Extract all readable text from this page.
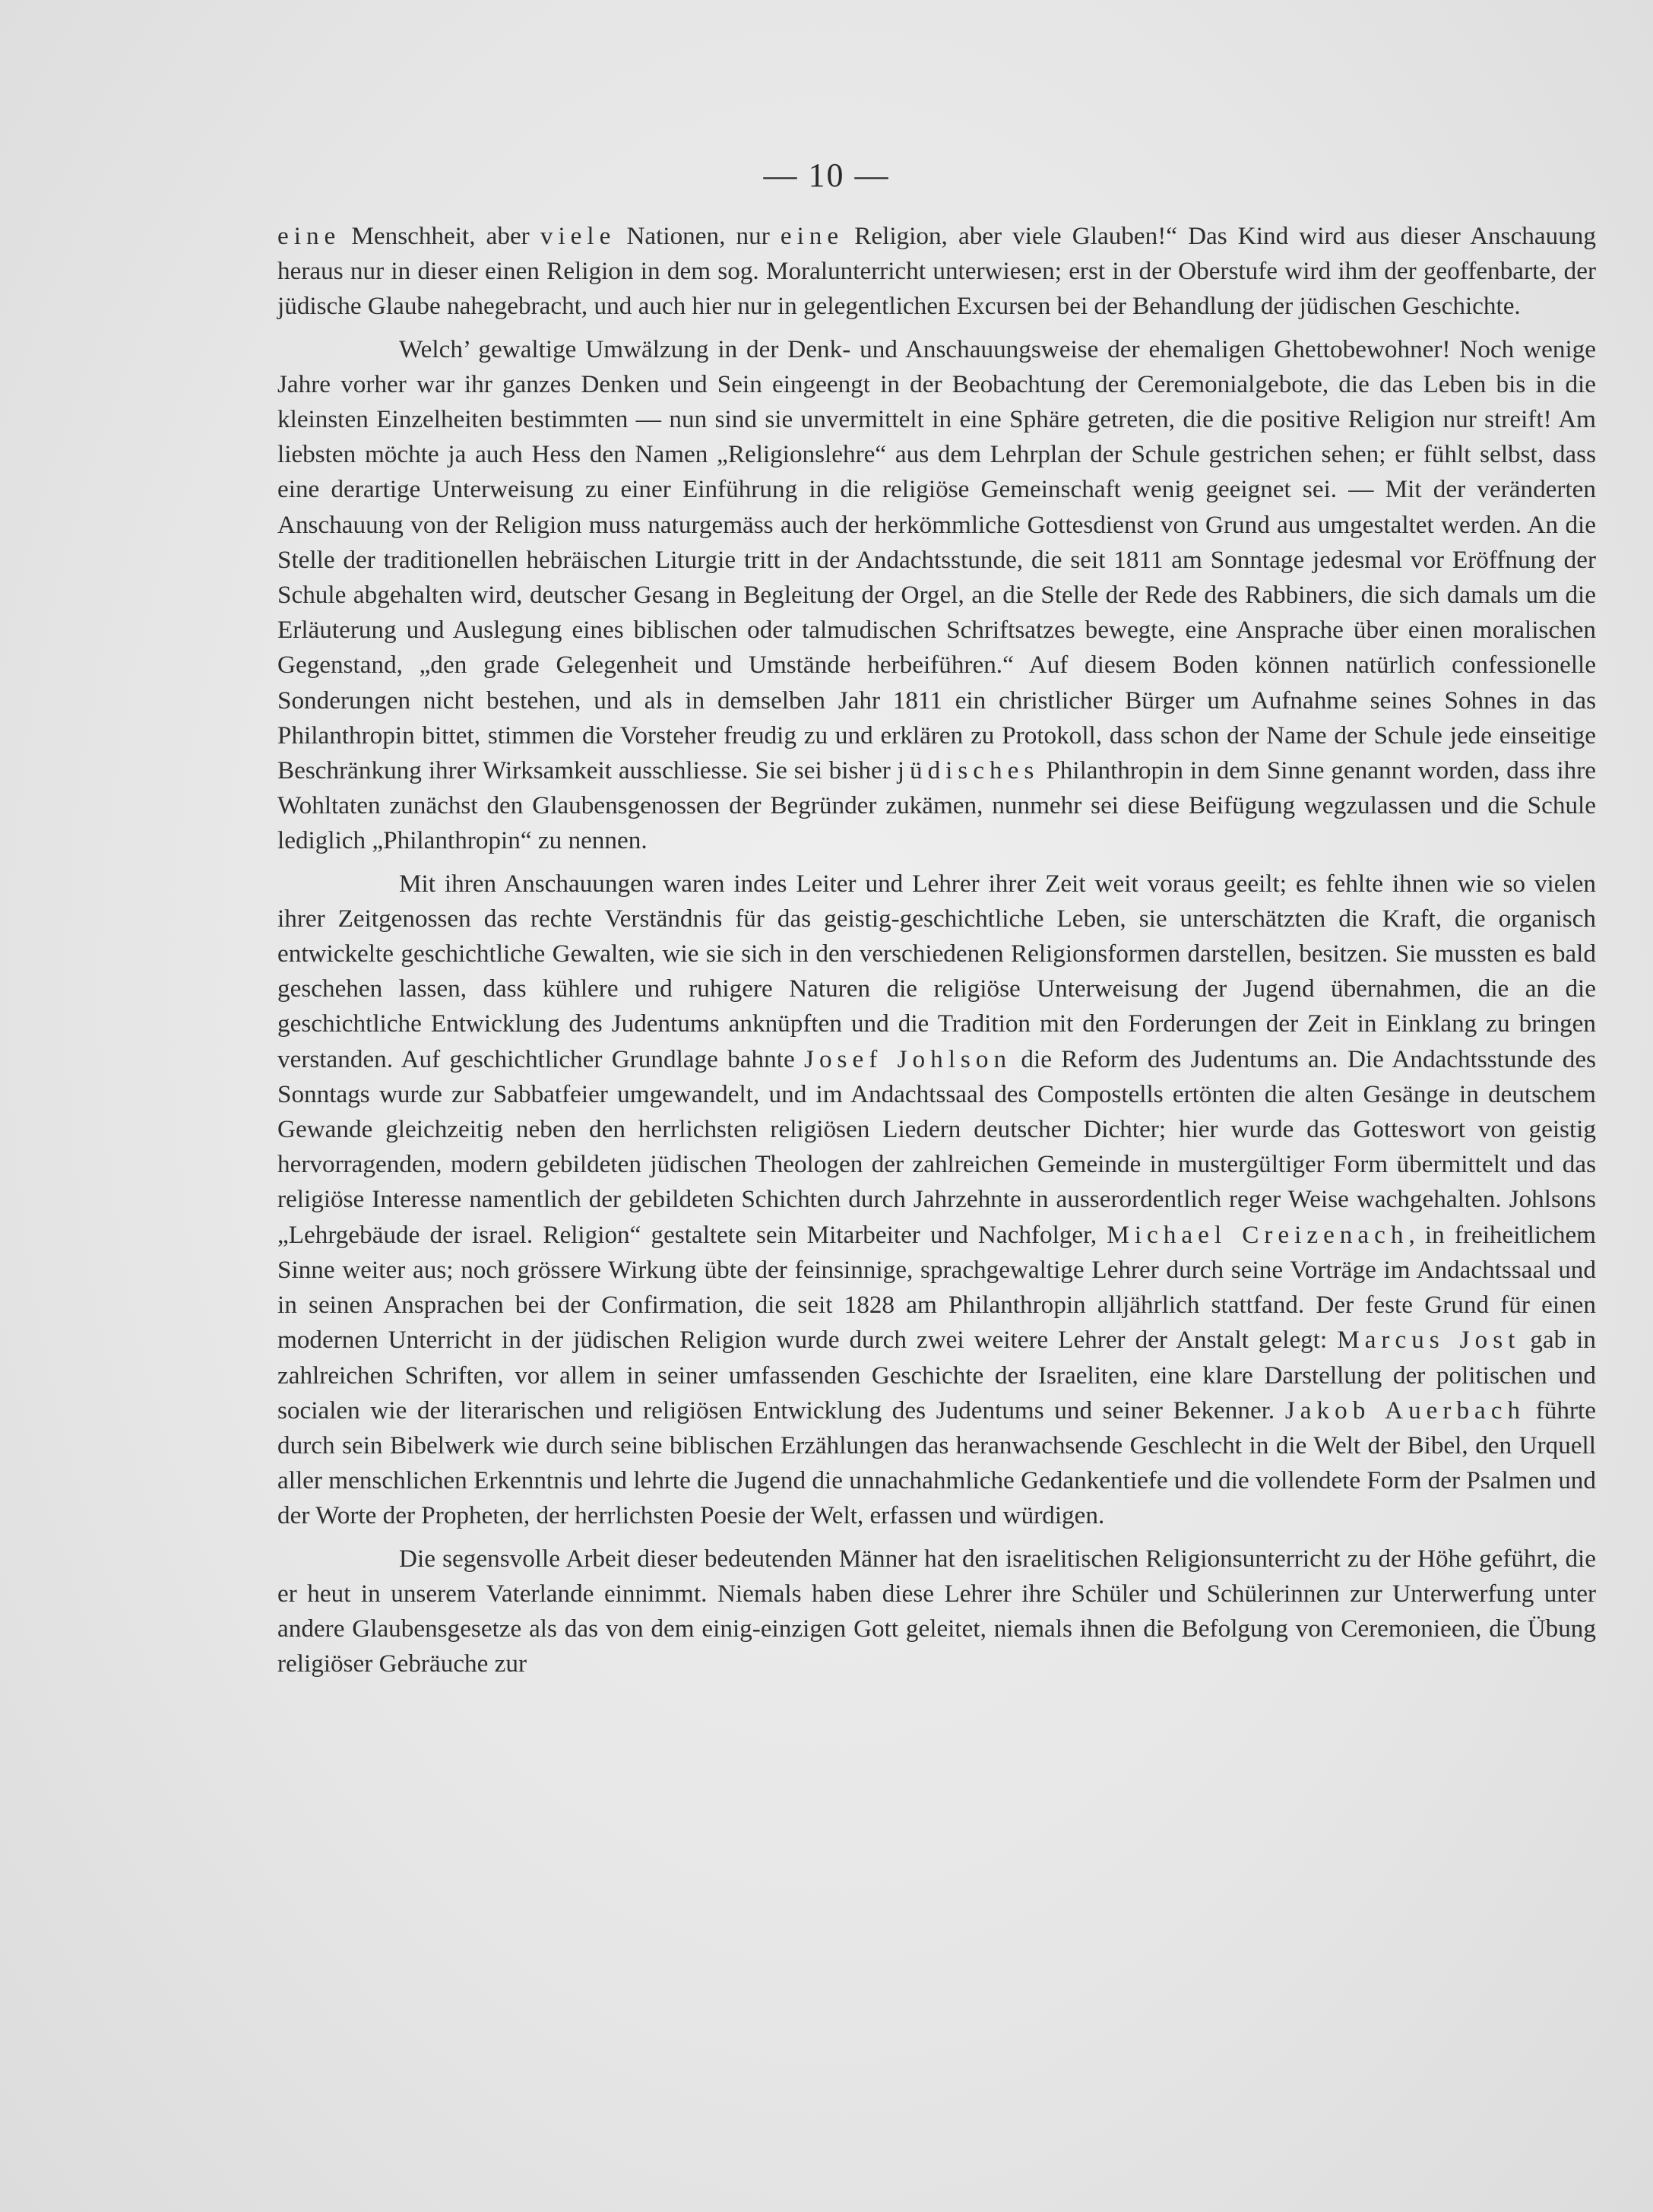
— 10 —

eine Menschheit, aber viele Nationen, nur eine Religion, aber viele Glauben!“ Das Kind wird aus dieser Anschauung heraus nur in dieser einen Religion in dem sog. Moralunterricht unterwiesen; erst in der Oberstufe wird ihm der geoffenbarte, der jüdische Glaube nahegebracht, und auch hier nur in gelegentlichen Excursen bei der Behandlung der jüdischen Geschichte.

Welch’ gewaltige Umwälzung in der Denk- und Anschauungsweise der ehemaligen Ghettobewohner! Noch wenige Jahre vorher war ihr ganzes Denken und Sein eingeengt in der Beobachtung der Ceremonialgebote, die das Leben bis in die kleinsten Einzelheiten bestimmten — nun sind sie unvermittelt in eine Sphäre getreten, die die positive Religion nur streift! Am liebsten möchte ja auch Hess den Namen „Religionslehre“ aus dem Lehrplan der Schule gestrichen sehen; er fühlt selbst, dass eine derartige Unterweisung zu einer Einführung in die religiöse Gemeinschaft wenig geeignet sei. — Mit der veränderten Anschauung von der Religion muss naturgemäss auch der herkömmliche Gottesdienst von Grund aus umgestaltet werden. An die Stelle der traditionellen hebräischen Liturgie tritt in der Andachtsstunde, die seit 1811 am Sonntage jedesmal vor Eröffnung der Schule abgehalten wird, deutscher Gesang in Begleitung der Orgel, an die Stelle der Rede des Rabbiners, die sich damals um die Erläuterung und Auslegung eines biblischen oder talmudischen Schriftsatzes bewegte, eine Ansprache über einen moralischen Gegenstand, „den grade Gelegenheit und Umstände herbeiführen.“ Auf diesem Boden können natürlich confessionelle Sonderungen nicht bestehen, und als in demselben Jahr 1811 ein christlicher Bürger um Aufnahme seines Sohnes in das Philanthropin bittet, stimmen die Vorsteher freudig zu und erklären zu Protokoll, dass schon der Name der Schule jede einseitige Beschränkung ihrer Wirksamkeit ausschliesse. Sie sei bisher jüdisches Philanthropin in dem Sinne genannt worden, dass ihre Wohltaten zunächst den Glaubensgenossen der Begründer zukämen, nunmehr sei diese Beifügung wegzulassen und die Schule lediglich „Philanthropin“ zu nennen.

Mit ihren Anschauungen waren indes Leiter und Lehrer ihrer Zeit weit voraus geeilt; es fehlte ihnen wie so vielen ihrer Zeitgenossen das rechte Verständnis für das geistig-geschichtliche Leben, sie unterschätzten die Kraft, die organisch entwickelte geschichtliche Gewalten, wie sie sich in den verschiedenen Religionsformen darstellen, besitzen. Sie mussten es bald geschehen lassen, dass kühlere und ruhigere Naturen die religiöse Unterweisung der Jugend übernahmen, die an die geschichtliche Entwicklung des Judentums anknüpften und die Tradition mit den Forderungen der Zeit in Einklang zu bringen verstanden. Auf geschichtlicher Grundlage bahnte Josef Johlson die Reform des Judentums an. Die Andachtsstunde des Sonntags wurde zur Sabbatfeier umgewandelt, und im Andachtssaal des Compostells ertönten die alten Gesänge in deutschem Gewande gleichzeitig neben den herrlichsten religiösen Liedern deutscher Dichter; hier wurde das Gotteswort von geistig hervorragenden, modern gebildeten jüdischen Theologen der zahlreichen Gemeinde in mustergültiger Form übermittelt und das religiöse Interesse namentlich der gebildeten Schichten durch Jahrzehnte in ausserordentlich reger Weise wachgehalten. Johlsons „Lehrgebäude der israel. Religion“ gestaltete sein Mitarbeiter und Nachfolger, Michael Creizenach, in freiheitlichem Sinne weiter aus; noch grössere Wirkung übte der feinsinnige, sprachgewaltige Lehrer durch seine Vorträge im Andachtssaal und in seinen Ansprachen bei der Confirmation, die seit 1828 am Philanthropin alljährlich stattfand. Der feste Grund für einen modernen Unterricht in der jüdischen Religion wurde durch zwei weitere Lehrer der Anstalt gelegt: Marcus Jost gab in zahlreichen Schriften, vor allem in seiner umfassenden Geschichte der Israeliten, eine klare Darstellung der politischen und socialen wie der literarischen und religiösen Entwicklung des Judentums und seiner Bekenner. Jakob Auerbach führte durch sein Bibelwerk wie durch seine biblischen Erzählungen das heranwachsende Geschlecht in die Welt der Bibel, den Urquell aller menschlichen Erkenntnis und lehrte die Jugend die unnachahmliche Gedankentiefe und die vollendete Form der Psalmen und der Worte der Propheten, der herrlichsten Poesie der Welt, erfassen und würdigen.

Die segensvolle Arbeit dieser bedeutenden Männer hat den israelitischen Religionsunterricht zu der Höhe geführt, die er heut in unserem Vaterlande einnimmt. Niemals haben diese Lehrer ihre Schüler und Schülerinnen zur Unterwerfung unter andere Glaubensgesetze als das von dem einig-einzigen Gott geleitet, niemals ihnen die Befolgung von Ceremonieen, die Übung religiöser Gebräuche zur
